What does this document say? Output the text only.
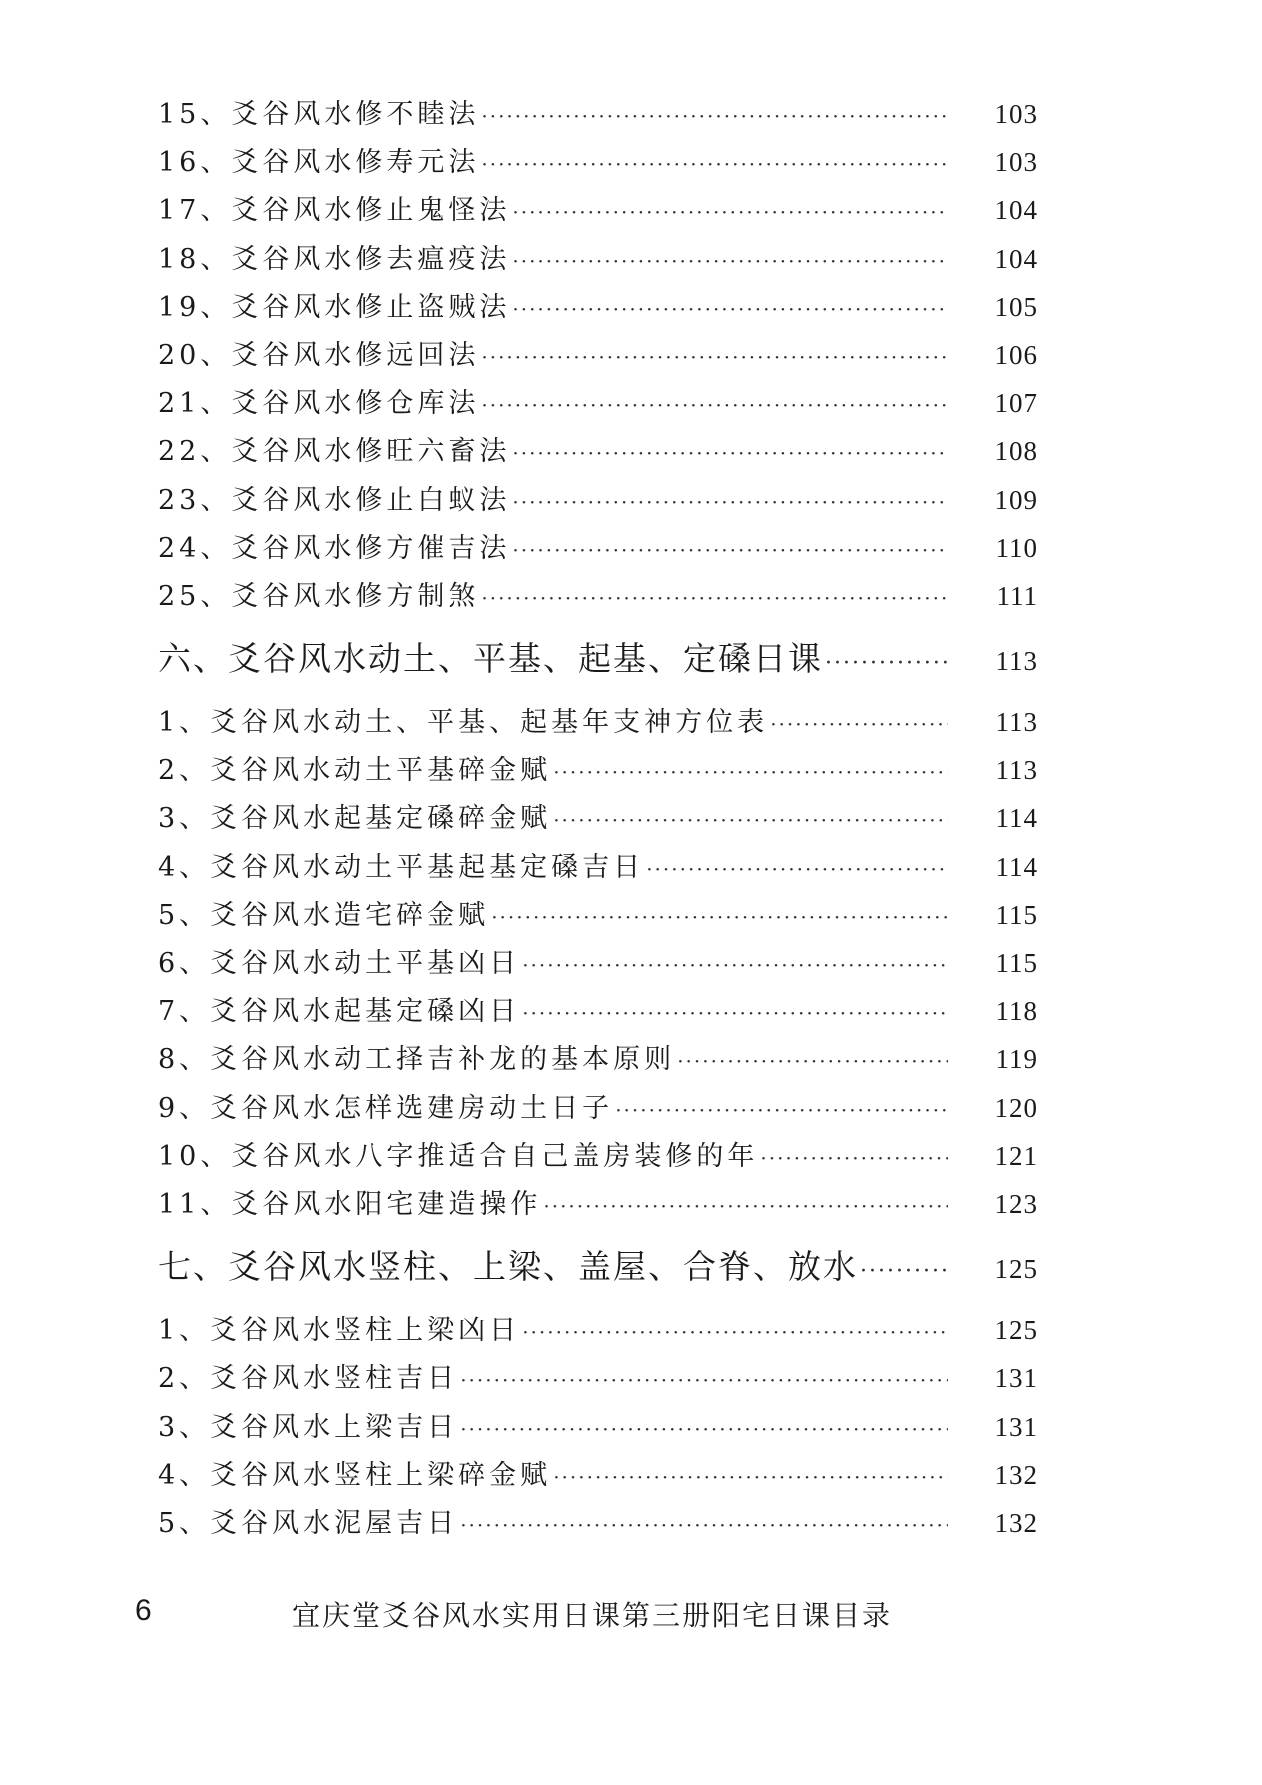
15、爻谷风水修不睦法 ·····	103
16、爻谷风水修寿元法 ·····	103
17、爻谷风水修止鬼怪法 ·····	104
18、爻谷风水修去瘟疫法 ·····	104
19、爻谷风水修止盗贼法 ·····	105
20、爻谷风水修远回法 ·····	106
21、爻谷风水修仓库法 ·····	107
22、爻谷风水修旺六畜法 ·····	108
23、爻谷风水修止白蚁法 ·····	109
24、爻谷风水修方催吉法 ·····	110
25、爻谷风水修方制煞 ·····	111
六、爻谷风水动土、平基、起基、定磉日课 ·····	113
1、爻谷风水动土、平基、起基年支神方位表 ·····	113
2、爻谷风水动土平基碎金赋 ·····	113
3、爻谷风水起基定磉碎金赋 ·····	114
4、爻谷风水动土平基起基定磉吉日 ·····	114
5、爻谷风水造宅碎金赋 ·····	115
6、爻谷风水动土平基凶日 ·····	115
7、爻谷风水起基定磉凶日 ·····	118
8、爻谷风水动工择吉补龙的基本原则 ·····	119
9、爻谷风水怎样选建房动土日子 ·····	120
10、爻谷风水八字推适合自己盖房装修的年 ·····	121
11、爻谷风水阳宅建造操作 ·····	123
七、爻谷风水竖柱、上梁、盖屋、合脊、放水 ·····	125
1、爻谷风水竖柱上梁凶日 ·····	125
2、爻谷风水竖柱吉日 ·····	131
3、爻谷风水上梁吉日 ·····	131
4、爻谷风水竖柱上梁碎金赋 ·····	132
5、爻谷风水泥屋吉日 ·····	132
6	宜庆堂爻谷风水实用日课第三册阳宅日课目录
